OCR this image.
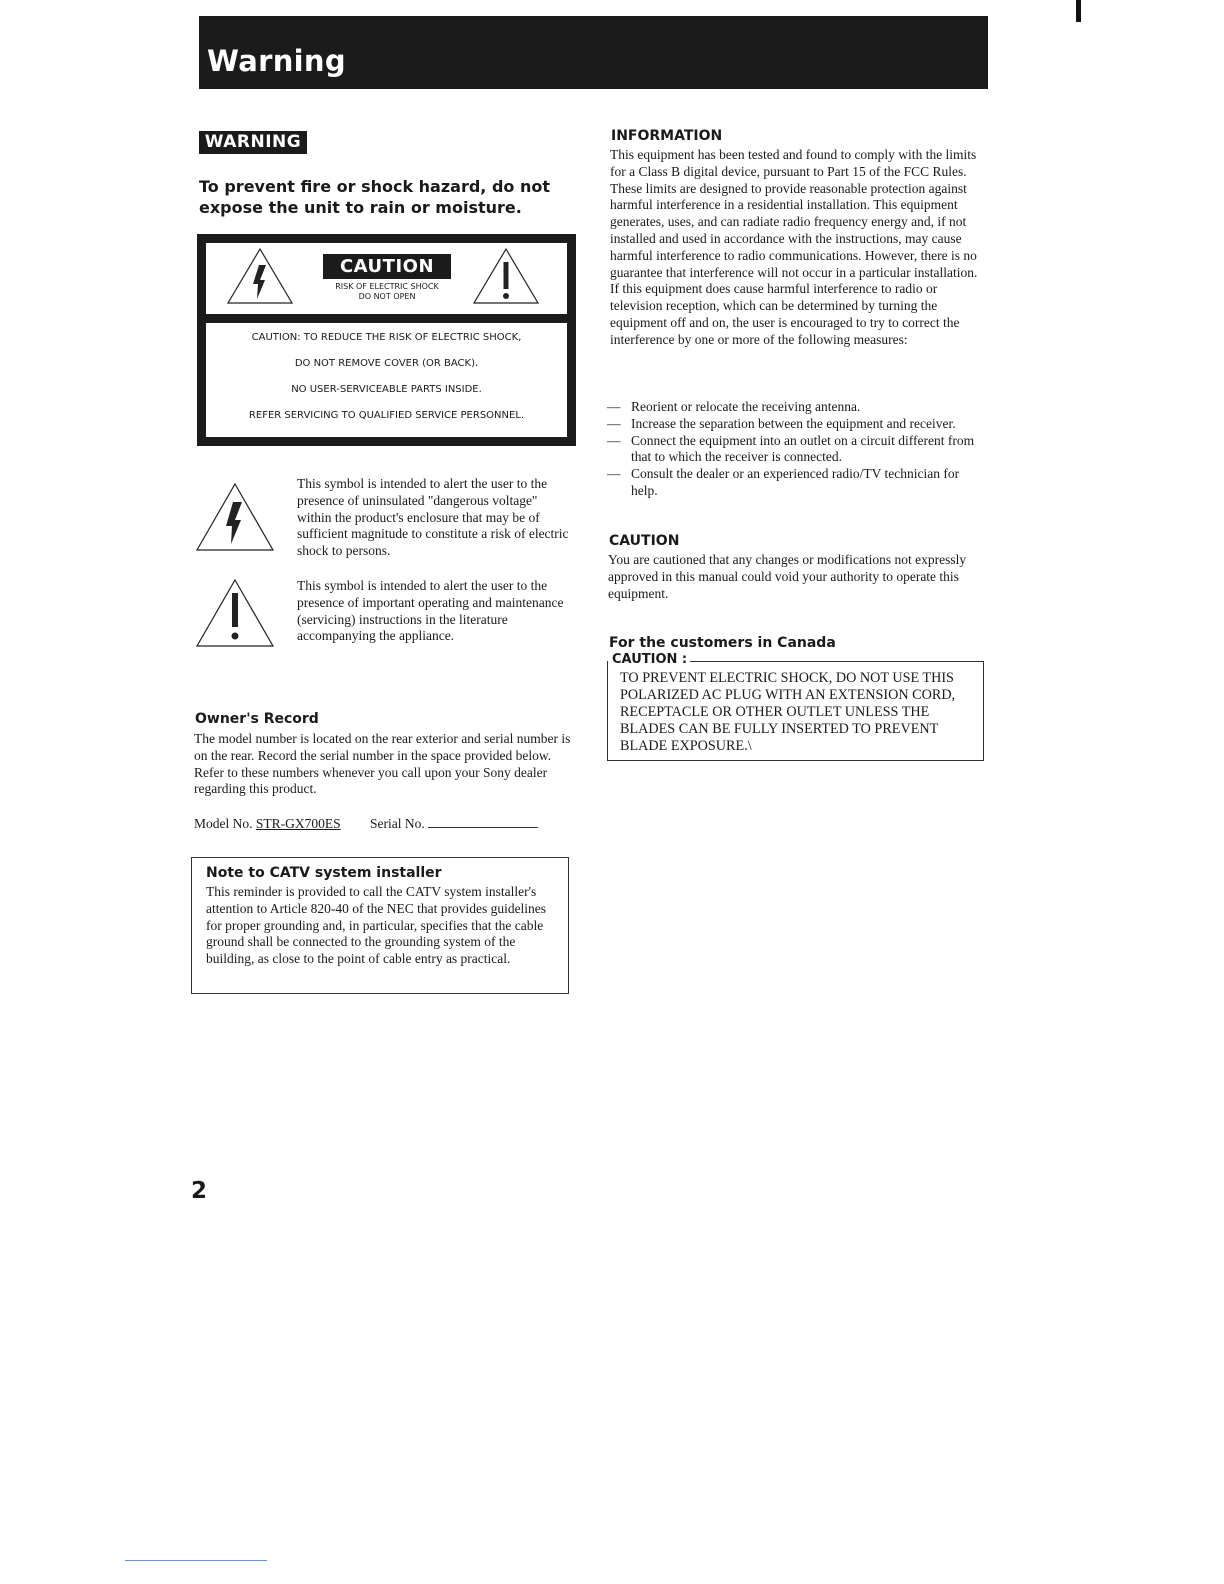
Warning
WARNING
To prevent fire or shock hazard, do not expose the unit to rain or moisture.
CAUTION
RISK OF ELECTRIC SHOCK
DO NOT OPEN
CAUTION: TO REDUCE THE RISK OF ELECTRIC SHOCK,
DO NOT REMOVE COVER (OR BACK).
NO USER-SERVICEABLE PARTS INSIDE.
REFER SERVICING TO QUALIFIED SERVICE PERSONNEL.
This symbol is intended to alert the user to the presence of uninsulated "dangerous voltage" within the product's enclosure that may be of sufficient magnitude to constitute a risk of electric shock to persons.
This symbol is intended to alert the user to the presence of important operating and maintenance (servicing) instructions in the literature accompanying the appliance.
Owner's Record
The model number is located on the rear exterior and serial number is on the rear. Record the serial number in the space provided below. Refer to these numbers whenever you call upon your Sony dealer regarding this product.
Model No. STR-GX700ES Serial No.
Note to CATV system installer
This reminder is provided to call the CATV system installer's attention to Article 820-40 of the NEC that provides guidelines for proper grounding and, in particular, specifies that the cable ground shall be connected to the grounding system of the building, as close to the point of cable entry as practical.
INFORMATION
This equipment has been tested and found to comply with the limits for a Class B digital device, pursuant to Part 15 of the FCC Rules. These limits are designed to provide reasonable protection against harmful interference in a residential installation. This equipment generates, uses, and can radiate radio frequency energy and, if not installed and used in accordance with the instructions, may cause harmful interference to radio communications. However, there is no guarantee that interference will not occur in a particular installation. If this equipment does cause harmful interference to radio or television reception, which can be determined by turning the equipment off and on, the user is encouraged to try to correct the interference by one or more of the following measures:
— Reorient or relocate the receiving antenna.
— Increase the separation between the equipment and receiver.
— Connect the equipment into an outlet on a circuit different from that to which the receiver is connected.
— Consult the dealer or an experienced radio/TV technician for help.
CAUTION
You are cautioned that any changes or modifications not expressly approved in this manual could void your authority to operate this equipment.
For the customers in Canada
CAUTION :
TO PREVENT ELECTRIC SHOCK, DO NOT USE THIS POLARIZED AC PLUG WITH AN EXTENSION CORD, RECEPTACLE OR OTHER OUTLET UNLESS THE BLADES CAN BE FULLY INSERTED TO PREVENT BLADE EXPOSURE.\
2
